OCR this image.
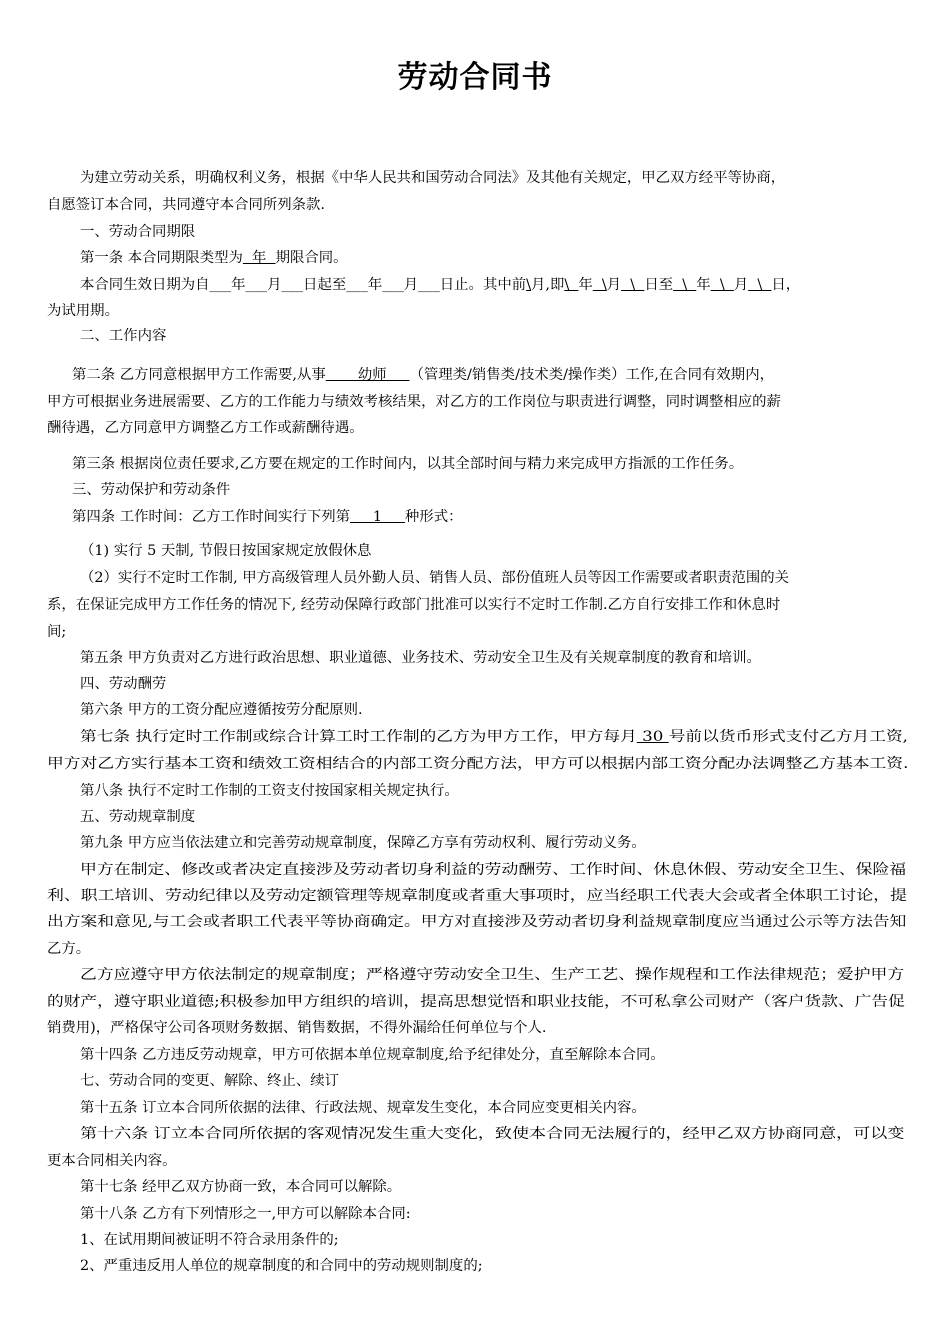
劳动合同书
为建立劳动关系，明确权利义务，根据《中华人民共和国劳动合同法》及其他有关规定，甲乙双方经平等协商，
自愿签订本合同，共同遵守本合同所列条款.
一、劳动合同期限
第一条 本合同期限类型为  年  期限合同。
本合同生效日期为自___年___月___日起至___年___月___日止。其中前\月,即\  年  \月  \  日至  \  年  \  月  \  日，
为试用期。
二、工作内容
第二条 乙方同意根据甲方工作需要,从事       幼师     （管理类/销售类/技术类/操作类）工作,在合同有效期内，
甲方可根据业务进展需要、乙方的工作能力与绩效考核结果，对乙方的工作岗位与职责进行调整，同时调整相应的薪
酬待遇，乙方同意甲方调整乙方工作或薪酬待遇。
第三条 根据岗位责任要求,乙方要在规定的工作时间内，以其全部时间与精力来完成甲方指派的工作任务。
三、劳动保护和劳动条件
第四条 工作时间：乙方工作时间实行下列第     1     种形式：
（1) 实行 5 天制, 节假日按国家规定放假休息
（2）实行不定时工作制, 甲方高级管理人员外勤人员、销售人员、部份值班人员等因工作需要或者职责范围的关
系，在保证完成甲方工作任务的情况下, 经劳动保障行政部门批准可以实行不定时工作制.乙方自行安排工作和休息时
间;
第五条 甲方负责对乙方进行政治思想、职业道德、业务技术、劳动安全卫生及有关规章制度的教育和培训。
四、劳动酬劳
第六条 甲方的工资分配应遵循按劳分配原则.
第七条 执行定时工作制或综合计算工时工作制的乙方为甲方工作，甲方每月 30 号前以货币形式支付乙方月工资,
甲方对乙方实行基本工资和绩效工资相结合的内部工资分配方法，甲方可以根据内部工资分配办法调整乙方基本工资.
第八条 执行不定时工作制的工资支付按国家相关规定执行。
五、劳动规章制度
第九条 甲方应当依法建立和完善劳动规章制度，保障乙方享有劳动权利、履行劳动义务。
甲方在制定、修改或者决定直接涉及劳动者切身利益的劳动酬劳、工作时间、休息休假、劳动安全卫生、保险福
利、职工培训、劳动纪律以及劳动定额管理等规章制度或者重大事项时，应当经职工代表大会或者全体职工讨论，提
出方案和意见,与工会或者职工代表平等协商确定。甲方对直接涉及劳动者切身利益规章制度应当通过公示等方法告知
乙方。
乙方应遵守甲方依法制定的规章制度；严格遵守劳动安全卫生、生产工艺、操作规程和工作法律规范；爱护甲方
的财产，遵守职业道德;积极参加甲方组织的培训，提高思想觉悟和职业技能，不可私拿公司财产（客户货款、广告促
销费用)，严格保守公司各项财务数据、销售数据，不得外漏给任何单位与个人.
第十四条 乙方违反劳动规章，甲方可依据本单位规章制度,给予纪律处分，直至解除本合同。
七、劳动合同的变更、解除、终止、续订
第十五条 订立本合同所依据的法律、行政法规、规章发生变化，本合同应变更相关内容。
第十六条 订立本合同所依据的客观情况发生重大变化，致使本合同无法履行的，经甲乙双方协商同意，可以变
更本合同相关内容。
第十七条 经甲乙双方协商一致，本合同可以解除。
第十八条 乙方有下列情形之一,甲方可以解除本合同:
1、在试用期间被证明不符合录用条件的;
2、严重违反用人单位的规章制度的和合同中的劳动规则制度的;
